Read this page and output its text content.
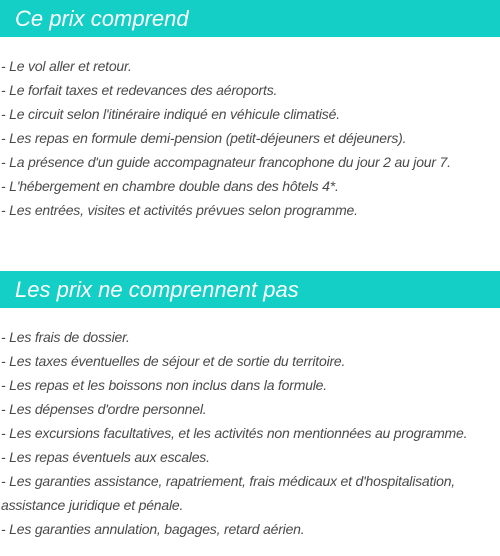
Ce prix comprend
- Le vol aller et retour.
- Le forfait taxes et redevances des aéroports.
- Le circuit selon l'itinéraire indiqué en véhicule climatisé.
- Les repas en formule demi-pension (petit-déjeuners et déjeuners).
- La présence d'un guide accompagnateur francophone du jour 2 au jour 7.
- L'hébergement en chambre double dans des hôtels 4*.
- Les entrées, visites et activités prévues selon programme.
Les prix ne comprennent pas
- Les frais de dossier.
- Les taxes éventuelles de séjour et de sortie du territoire.
- Les repas et les boissons non inclus dans la formule.
- Les dépenses d'ordre personnel.
- Les excursions facultatives, et les activités non mentionnées au programme.
- Les repas éventuels aux escales.
- Les garanties assistance, rapatriement, frais médicaux et d'hospitalisation, assistance juridique et pénale.
- Les garanties annulation, bagages, retard aérien.
